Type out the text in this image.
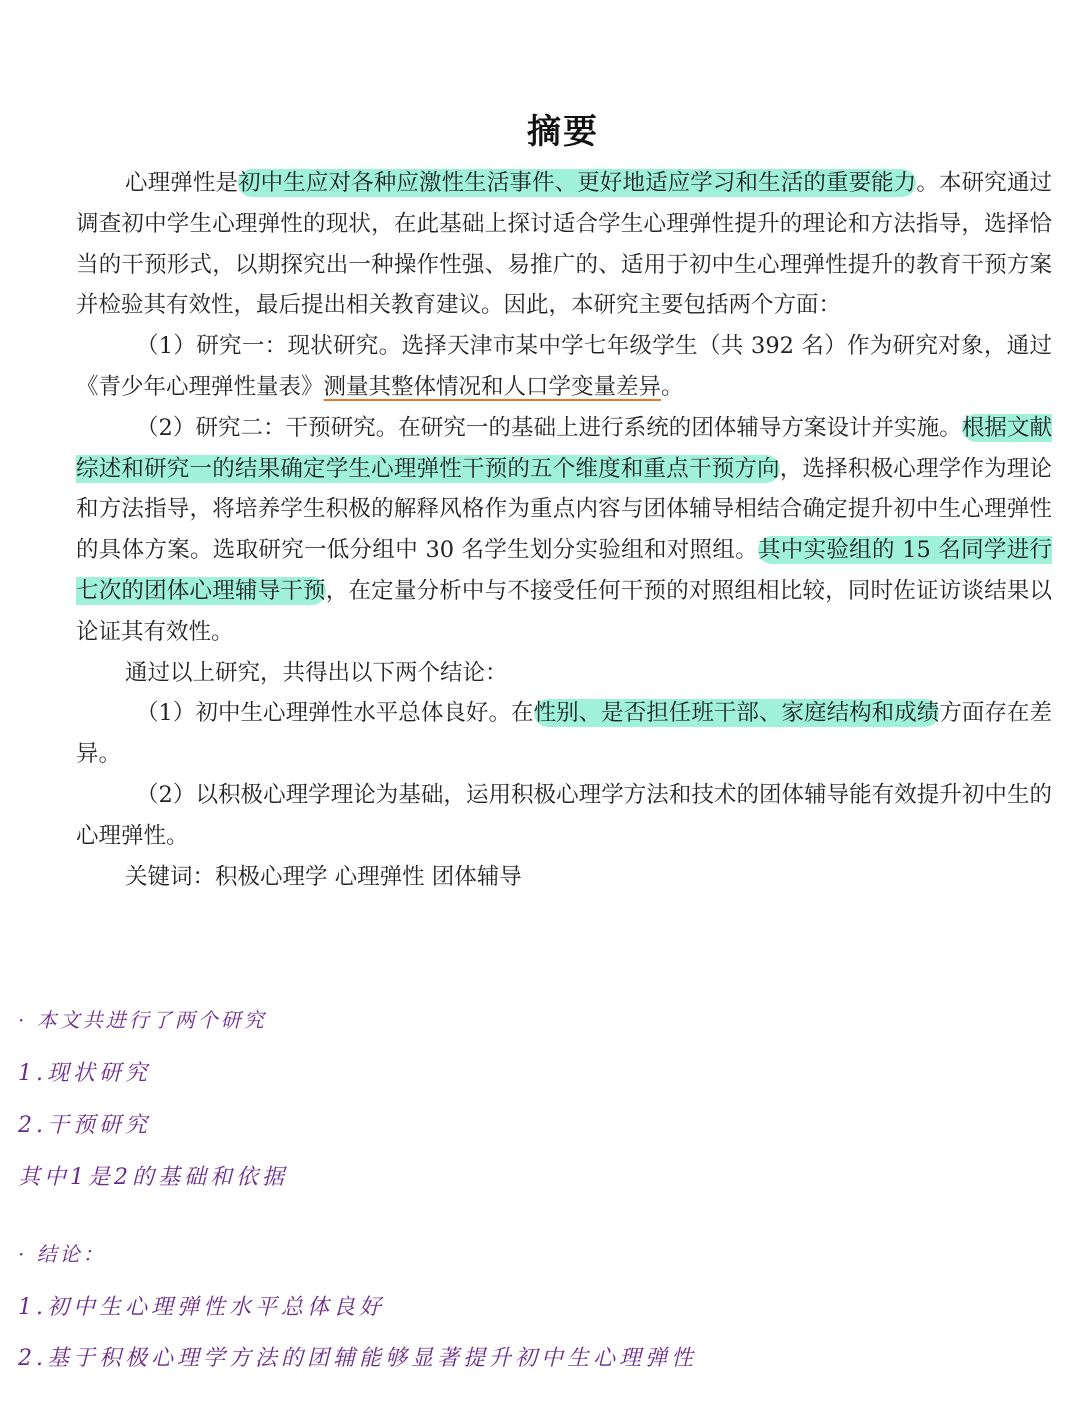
摘要

心理弹性是初中生应对各种应激性生活事件、更好地适应学习和生活的重要能力。本研究通过调查初中学生心理弹性的现状，在此基础上探讨适合学生心理弹性提升的理论和方法指导，选择恰当的干预形式，以期探究出一种操作性强、易推广的、适用于初中生心理弹性提升的教育干预方案并检验其有效性，最后提出相关教育建议。因此，本研究主要包括两个方面：

（1）研究一：现状研究。选择天津市某中学七年级学生（共 392 名）作为研究对象，通过《青少年心理弹性量表》测量其整体情况和人口学变量差异。

（2）研究二：干预研究。在研究一的基础上进行系统的团体辅导方案设计并实施。根据文献综述和研究一的结果确定学生心理弹性干预的五个维度和重点干预方向，选择积极心理学作为理论和方法指导，将培养学生积极的解释风格作为重点内容与团体辅导相结合确定提升初中生心理弹性的具体方案。选取研究一低分组中 30 名学生划分实验组和对照组。其中实验组的 15 名同学进行七次的团体心理辅导干预，在定量分析中与不接受任何干预的对照组相比较，同时佐证访谈结果以论证其有效性。

通过以上研究，共得出以下两个结论：

（1）初中生心理弹性水平总体良好。在性别、是否担任班干部、家庭结构和成绩方面存在差异。

（2）以积极心理学理论为基础，运用积极心理学方法和技术的团体辅导能有效提升初中生的心理弹性。

关键词：积极心理学 心理弹性 团体辅导

· 本文共进行了两个研究
1.现状研究
2.干预研究
其中1是2的基础和依据
· 结论：
1.初中生心理弹性水平总体良好
2.基于积极心理学方法的团辅能够显著提升初中生心理弹性
